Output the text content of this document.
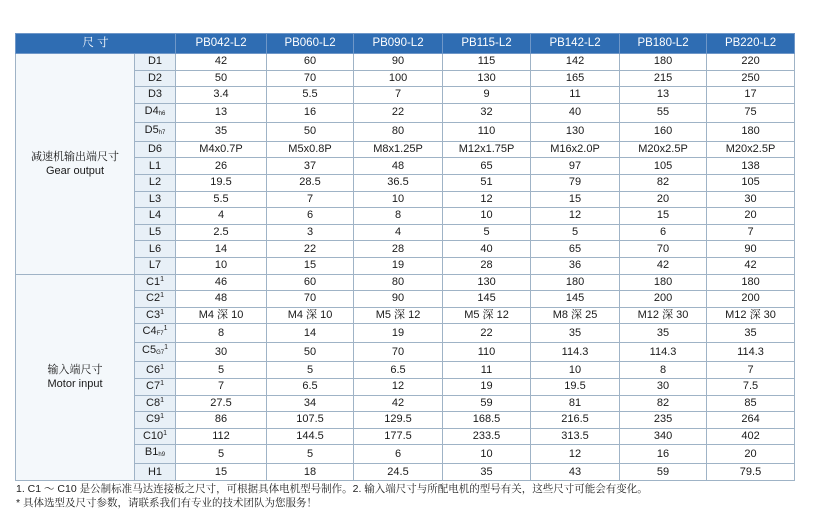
尺 寸		PB042-L2	PB060-L2	PB090-L2	PB115-L2	PB142-L2	PB180-L2	PB220-L2

减速机输出端尺寸
Gear output	D1	42	60	90	115	142	180	220
	D2	50	70	100	130	165	215	250
	D3	3.4	5.5	7	9	11	13	17
	$D4_{h6}$	13	16	22	32	40	55	75
	$D5_{h7}$	35	50	80	110	130	160	180
	D6	M4x0.7P	M5x0.8P	M8x1.25P	M12x1.75P	M16x2.0P	M20x2.5P	M20x2.5P
	L1	26	37	48	65	97	105	138
	L2	19.5	28.5	36.5	51	79	82	105
	L3	5.5	7	10	12	15	20	30
	L4	4	6	8	10	12	15	20
	L5	2.5	3	4	5	5	6	7
	L6	14	22	28	40	65	70	90
	L7	10	15	19	28	36	42	42

输入端尺寸
Motor input	$C1^1$	46	60	80	130	180	180	180
	$C2^1$	48	70	90	145	145	200	200
	$C3^1$	M4 深 10	M4 深 10	M5 深 12	M5 深 12	M8 深 25	M12 深 30	M12 深 30
	$C4_{F7}^1$	8	14	19	22	35	35	35
	$C5_{G7}^1$	30	50	70	110	114.3	114.3	114.3
	$C6^1$	5	5	6.5	11	10	8	7
	$C7^1$	7	6.5	12	19	19.5	30	7.5
	$C8^1$	27.5	34	42	59	81	82	85
	$C9^1$	86	107.5	129.5	168.5	216.5	235	264
	$C10^1$	112	144.5	177.5	233.5	313.5	340	402
	$B1_{h9}$	5	5	6	10	12	16	20
	H1	15	18	24.5	35	43	59	79.5
1. C1 ～ C10 是公制标准马达连接板之尺寸，可根据具体电机型号制作。2. 输入端尺寸与所配电机的型号有关，这些尺寸可能会有变化。
* 具体选型及尺寸参数，请联系我们有专业的技术团队为您服务！
